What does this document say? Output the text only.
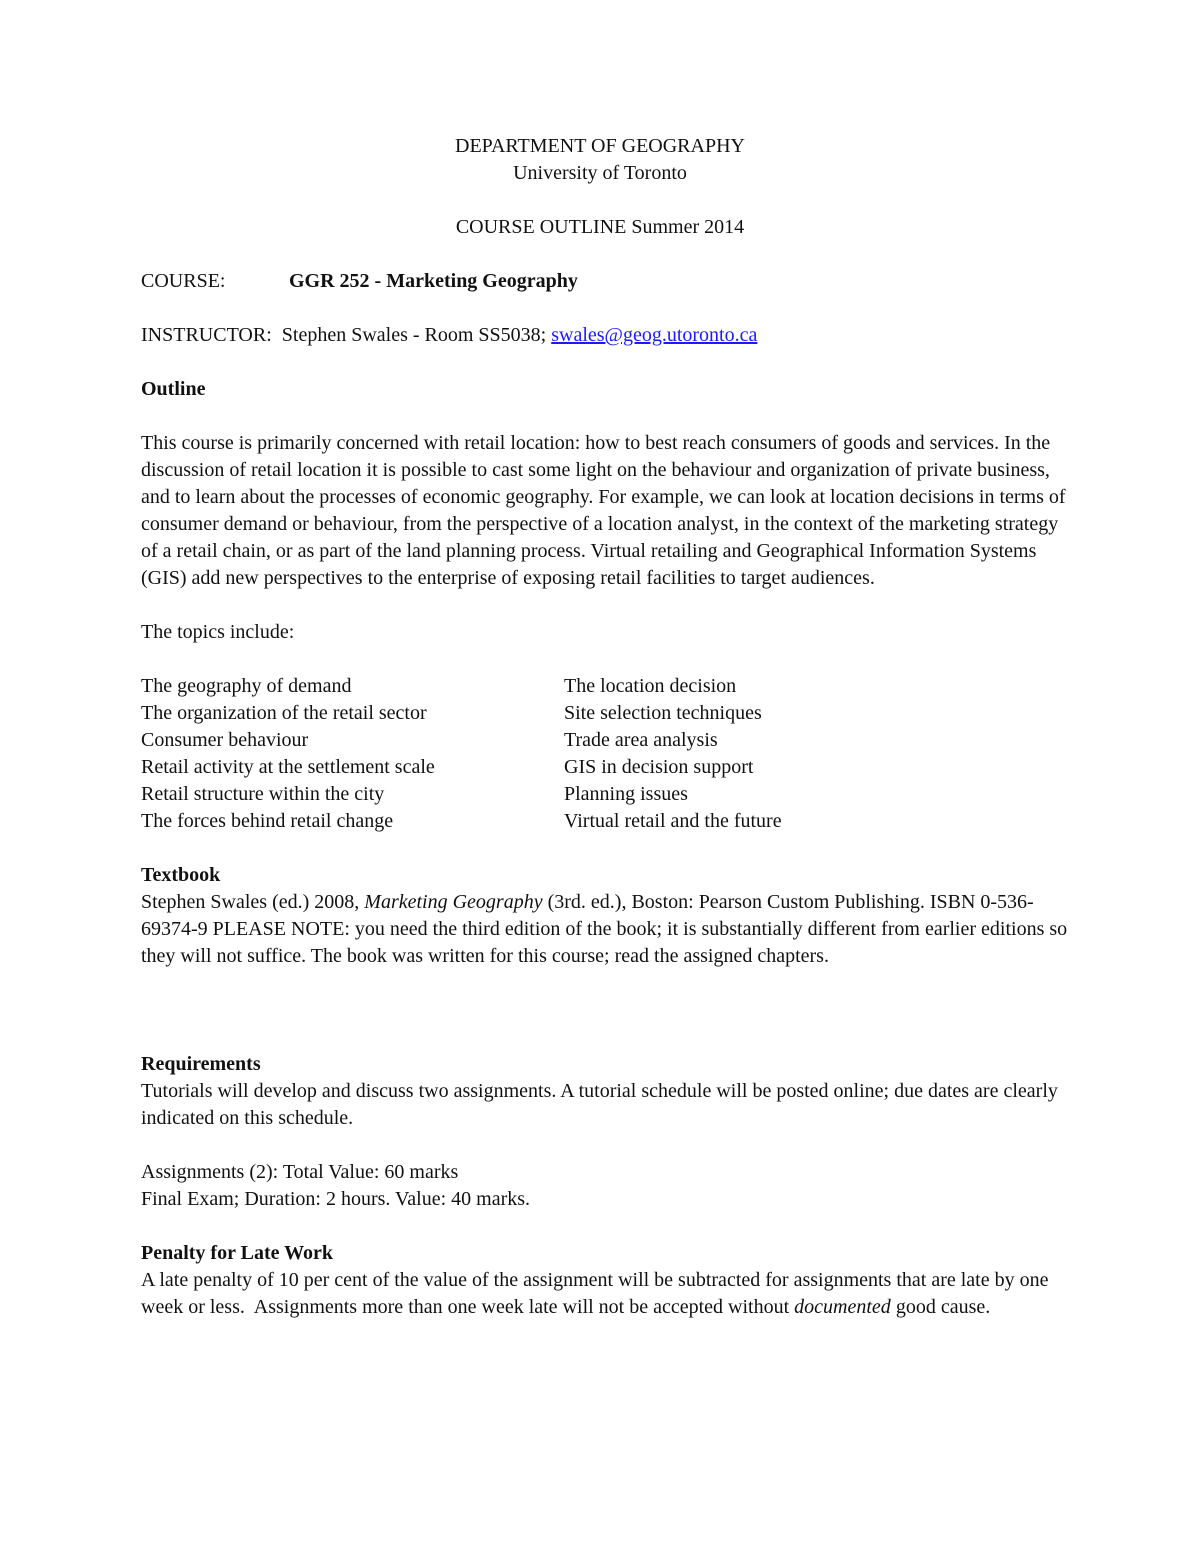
DEPARTMENT OF GEOGRAPHY

University of Toronto

COURSE OUTLINE Summer 2014

COURSE:	GGR 252 - Marketing Geography

INSTRUCTOR:  Stephen Swales - Room SS5038; swales@geog.utoronto.ca

Outline

This course is primarily concerned with retail location: how to best reach consumers of goods and services. In the discussion of retail location it is possible to cast some light on the behaviour and organization of private business, and to learn about the processes of economic geography. For example, we can look at location decisions in terms of consumer demand or behaviour, from the perspective of a location analyst, in the context of the marketing strategy of a retail chain, or as part of the land planning process. Virtual retailing and Geographical Information Systems (GIS) add new perspectives to the enterprise of exposing retail facilities to target audiences.

The topics include:

The geography of demand

The organization of the retail sector

Consumer behaviour

Retail activity at the settlement scale

Retail structure within the city

The forces behind retail change

The location decision

Site selection techniques

Trade area analysis

GIS in decision support

Planning issues

Virtual retail and the future

Textbook

Stephen Swales (ed.) 2008, Marketing Geography (3rd. ed.), Boston: Pearson Custom Publishing. ISBN 0-536-69374-9 PLEASE NOTE: you need the third edition of the book; it is substantially different from earlier editions so they will not suffice. The book was written for this course; read the assigned chapters.

Requirements

Tutorials will develop and discuss two assignments. A tutorial schedule will be posted online; due dates are clearly indicated on this schedule.

Assignments (2): Total Value: 60 marks

Final Exam; Duration: 2 hours. Value: 40 marks.

Penalty for Late Work

A late penalty of 10 per cent of the value of the assignment will be subtracted for assignments that are late by one week or less.  Assignments more than one week late will not be accepted without documented good cause.
